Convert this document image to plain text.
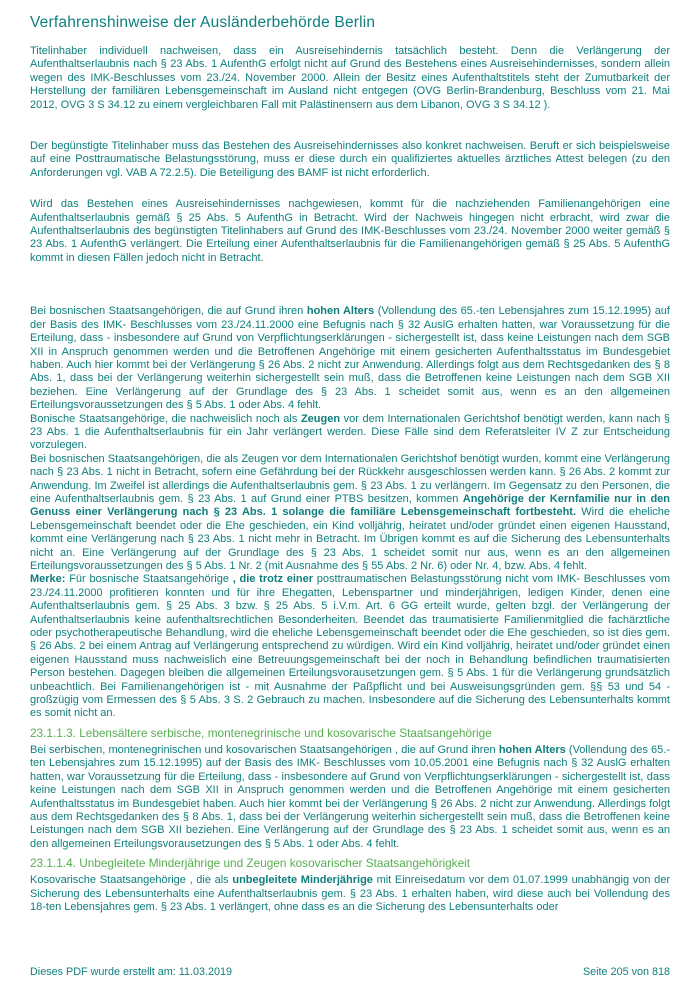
Verfahrenshinweise der Ausländerbehörde Berlin

Titelinhaber individuell nachweisen, dass ein Ausreisehindernis tatsächlich besteht. Denn die Verlängerung der Aufenthaltserlaubnis nach § 23 Abs. 1 AufenthG erfolgt nicht auf Grund des Bestehens eines Ausreisehindernisses, sondern allein wegen des IMK-Beschlusses vom 23./24. November 2000. Allein der Besitz eines Aufenthaltstitels steht der Zumutbarkeit der Herstellung der familiären Lebensgemeinschaft im Ausland nicht entgegen (OVG Berlin-Brandenburg, Beschluss vom 21. Mai 2012, OVG 3 S 34.12 zu einem vergleichbaren Fall mit Palästinensern aus dem Libanon, OVG 3 S 34.12 ).

Der begünstigte Titelinhaber muss das Bestehen des Ausreisehindernisses also konkret nachweisen. Beruft er sich beispielsweise auf eine Posttraumatische Belastungsstörung, muss er diese durch ein qualifiziertes aktuelles ärztliches Attest belegen (zu den Anforderungen vgl. VAB A 72.2.5). Die Beteiligung des BAMF ist nicht erforderlich.

Wird das Bestehen eines Ausreisehindernisses nachgewiesen, kommt für die nachziehenden Familienangehörigen eine Aufenthaltserlaubnis gemäß § 25 Abs. 5 AufenthG in Betracht. Wird der Nachweis hingegen nicht erbracht, wird zwar die Aufenthaltserlaubnis des begünstigten Titelinhabers auf Grund des IMK-Beschlusses vom 23./24. November 2000 weiter gemäß § 23 Abs. 1 AufenthG verlängert. Die Erteilung einer Aufenthaltserlaubnis für die Familienangehörigen gemäß § 25 Abs. 5 AufenthG kommt in diesen Fällen jedoch nicht in Betracht.

Bei bosnischen Staatsangehörigen, die auf Grund ihren hohen Alters (Vollendung des 65.-ten Lebensjahres zum 15.12.1995) auf der Basis des IMK- Beschlusses vom 23./24.11.2000 eine Befugnis nach § 32 AuslG erhalten hatten, war Voraussetzung für die Erteilung, dass - insbesondere auf Grund von Verpflichtungserklärungen - sichergestellt ist, dass keine Leistungen nach dem SGB XII in Anspruch genommen werden und die Betroffenen Angehörige mit einem gesicherten Aufenthaltsstatus im Bundesgebiet haben. Auch hier kommt bei der Verlängerung § 26 Abs. 2 nicht zur Anwendung. Allerdings folgt aus dem Rechtsgedanken des § 8 Abs. 1, dass bei der Verlängerung weiterhin sichergestellt sein muß, dass die Betroffenen keine Leistungen nach dem SGB XII beziehen. Eine Verlängerung auf der Grundlage des § 23 Abs. 1 scheidet somit aus, wenn es an den allgemeinen Erteilungsvoraussetzungen des § 5 Abs. 1 oder Abs. 4 fehlt.

Bonische Staatsangehörige, die nachweislich noch als Zeugen vor dem Internationalen Gerichtshof benötigt werden, kann nach § 23 Abs. 1 die Aufenthaltserlaubnis für ein Jahr verlängert werden. Diese Fälle sind dem Referatsleiter IV Z zur Entscheidung vorzulegen.

Bei bosnischen Staatsangehörigen, die als Zeugen vor dem Internationalen Gerichtshof benötigt wurden, kommt eine Verlängerung nach § 23 Abs. 1 nicht in Betracht, sofern eine Gefährdung bei der Rückkehr ausgeschlossen werden kann. § 26 Abs. 2 kommt zur Anwendung. Im Zweifel ist allerdings die Aufenthaltserlaubnis gem. § 23 Abs. 1 zu verlängern. Im Gegensatz zu den Personen, die eine Aufenthaltserlaubnis gem. § 23 Abs. 1 auf Grund einer PTBS besitzen, kommen Angehörige der Kernfamilie nur in den Genuss einer Verlängerung nach § 23 Abs. 1 solange die familiäre Lebensgemeinschaft fortbesteht. Wird die eheliche Lebensgemeinschaft beendet oder die Ehe geschieden, ein Kind volljährig, heiratet und/oder gründet einen eigenen Hausstand, kommt eine Verlängerung nach § 23 Abs. 1 nicht mehr in Betracht. Im Übrigen kommt es auf die Sicherung des Lebensunterhalts nicht an. Eine Verlängerung auf der Grundlage des § 23 Abs. 1 scheidet somit nur aus, wenn es an den allgemeinen Erteilungsvoraussetzungen des § 5 Abs. 1 Nr. 2 (mit Ausnahme des § 55 Abs. 2 Nr. 6) oder Nr. 4, bzw. Abs. 4 fehlt.

Merke: Für bosnische Staatsangehörige , die trotz einer posttraumatischen Belastungsstörung nicht vom IMK- Beschlusses vom 23./24.11.2000 profitieren konnten und für ihre Ehegatten, Lebenspartner und minderjährigen, ledigen Kinder, denen eine Aufenthaltserlaubnis gem. § 25 Abs. 3 bzw. § 25 Abs. 5 i.V.m. Art. 6 GG erteilt wurde, gelten bzgl. der Verlängerung der Aufenthaltserlaubnis keine aufenthaltsrechtlichen Besonderheiten. Beendet das traumatisierte Familienmitglied die fachärztliche oder psychotherapeutische Behandlung, wird die eheliche Lebensgemeinschaft beendet oder die Ehe geschieden, so ist dies gem. § 26 Abs. 2 bei einem Antrag auf Verlängerung entsprechend zu würdigen. Wird ein Kind volljährig, heiratet und/oder gründet einen eigenen Hausstand muss nachweislich eine Betreuungsgemeinschaft bei der noch in Behandlung befindlichen traumatisierten Person bestehen. Dagegen bleiben die allgemeinen Erteilungsvorausetzungen gem. § 5 Abs. 1 für die Verlängerung grundsätzlich unbeachtlich. Bei Familienangehörigen ist - mit Ausnahme der Paßpflicht und bei Ausweisungsgründen gem. §§ 53 und 54 - großzügig vom Ermessen des § 5 Abs. 3 S. 2 Gebrauch zu machen. Insbesondere auf die Sicherung des Lebensunterhalts kommt es somit nicht an.

23.1.1.3. Lebensältere serbische, montenegrinische und kosovarische Staatsangehörige

Bei serbischen, montenegrinischen und kosovarischen Staatsangehörigen , die auf Grund ihren hohen Alters (Vollendung des 65.-ten Lebensjahres zum 15.12.1995) auf der Basis des IMK- Beschlusses vom 10.05.2001 eine Befugnis nach § 32 AuslG erhalten hatten, war Voraussetzung für die Erteilung, dass - insbesondere auf Grund von Verpflichtungserklärungen - sichergestellt ist, dass keine Leistungen nach dem SGB XII in Anspruch genommen werden und die Betroffenen Angehörige mit einem gesicherten Aufenthaltsstatus im Bundesgebiet haben. Auch hier kommt bei der Verlängerung § 26 Abs. 2 nicht zur Anwendung. Allerdings folgt aus dem Rechtsgedanken des § 8 Abs. 1, dass bei der Verlängerung weiterhin sichergestellt sein muß, dass die Betroffenen keine Leistungen nach dem SGB XII beziehen. Eine Verlängerung auf der Grundlage des § 23 Abs. 1 scheidet somit aus, wenn es an den allgemeinen Erteilungsvorausetzungen des § 5 Abs. 1 oder Abs. 4 fehlt.

23.1.1.4. Unbegleitete Minderjährige und Zeugen kosovarischer Staatsangehörigkeit

Kosovarische Staatsangehörige , die als unbegleitete Minderjährige mit Einreisedatum vor dem 01.07.1999 unabhängig von der Sicherung des Lebensunterhalts eine Aufenthaltserlaubnis gem. § 23 Abs. 1 erhalten haben, wird diese auch bei Vollendung des 18-ten Lebensjahres gem. § 23 Abs. 1 verlängert, ohne dass es an die Sicherung des Lebensunterhalts oder

Dieses PDF wurde erstellt am: 11.03.2019	Seite 205 von 818
